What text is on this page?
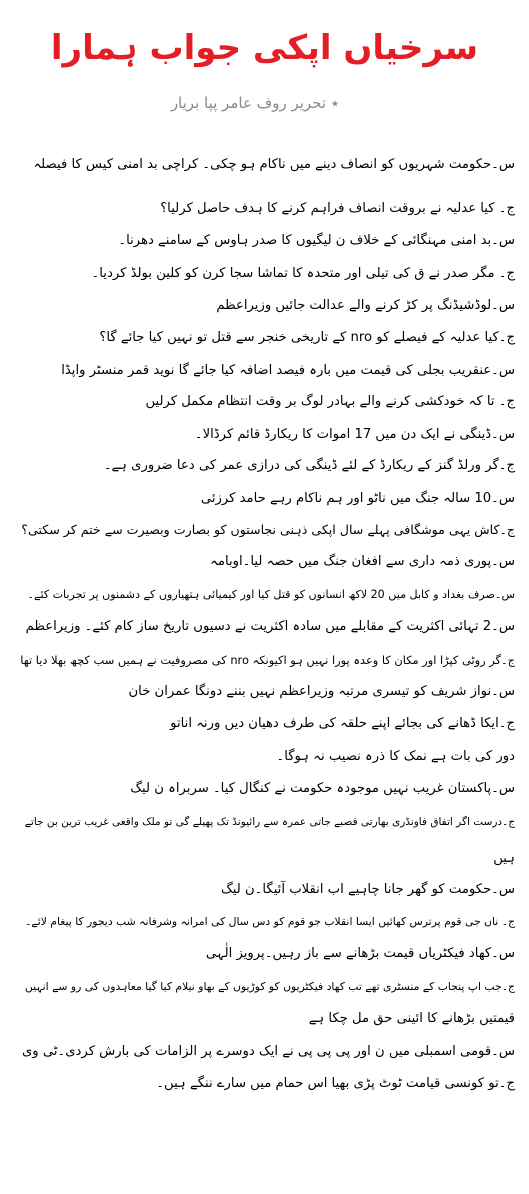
سرخیاں اپکی جواب ہمارا
٭ تحریر روف عامر پپا بریار
س۔حکومت شہریوں کو انصاف دینے میں ناکام ہو چکی۔ کراچی بد امنی کیس کا فیصلہ
ج۔ کیا عدلیہ نے بروقت انصاف فراہم کرنے کا ہدف حاصل کرلیا؟
س۔بد امنی مہنگائی کے خلاف ن لیگیوں کا صدر ہاوس کے سامنے دھرنا۔
ج۔ مگر صدر نے ق کی تیلی اور متحدہ کا تماشا سجا کرن کو کلین بولڈ کردیا۔
س۔لوڈشیڈنگ پر کڑ کرنے والے عدالت جائیں وزیراعظم
ج۔کیا عدلیہ کے فیصلے کو nro کے تاریخی خنجر سے قتل تو نہیں کیا جائے گا؟
س۔عنقریب بجلی کی قیمت میں بارہ فیصد اضافہ کیا جائے گا نوید قمر منسٹر واپڈا
ج۔ تا کہ خودکشی کرنے والے بہادر لوگ بر وقت انتظام مکمل کرلیں
س۔ڈینگی نے ایک دن میں 17 اموات کا ریکارڈ قائم کرڈالا۔
ج۔گر ورلڈ گنز کے ریکارڈ کے لئے ڈینگی کی درازی عمر کی دعا ضروری ہے۔
س۔10 سالہ جنگ میں ناٹو اور ہم ناکام رہے حامد کرزئی
ج۔کاش یہی موشگافی پہلے سال اپکی ذہنی نجاستوں کو بصارت وبصیرت سے ختم کر سکتی؟
س۔پوری ذمہ داری سے افغان جنگ میں حصہ لیا۔اوبامہ
س۔صرف بغداد و کابل میں 20 لاکھ انسانوں کو قتل کیا اور کیمیائی ہتھیاروں کے دشمنوں پر تجربات کئے۔
س۔2 تہائی اکثریت کے مقابلے میں سادہ اکثریت نے دسیوں تاریخ ساز کام کئے۔ وزیراعظم
ج۔گر روٹی کپڑا اور مکان کا وعدہ پورا نہیں ہو اکیونکہ nro کی مصروفیت نے ہمیں سب کچھ بھلا دیا تھا
س۔نواز شریف کو تیسری مرتبہ وزیراعظم نہیں بننے دونگا عمران خان
ج۔ایکا ڈھانے کی بجائے اپنے حلقہ کی طرف دھیان دیں ورنہ اناتو
دور کی بات ہے نمک کا ذرہ نصیب نہ ہوگا۔
س۔پاکستان غریب نہیں موجودہ حکومت نے کنگال کیا۔ سربراہ ن لیگ
ج۔درست اگر اتفاق فاونڈری بھارتی قصبے جاتی عمرہ سے رائیونڈ تک پھیلے گی تو ملک واقعی غریب ترین بن جاتے
ہیں
س۔حکومت کو گھر جانا چاہیے اب انقلاب آئیگا۔ن لیگ
ج۔ ناں جی قوم پرترس کھائیں ایسا انقلاب جو قوم کو دس سال کی امرانہ وشرفانہ شب دیجور کا پیغام لائے۔
س۔کھاد فیکٹریاں قیمت بڑھانے سے باز رہیں۔پرویز الٰہی
ج۔جب اپ پنجاب کے منسٹری تھے تب کھاد فیکٹریوں کو کوڑیوں کے بھاو نیلام کیا گیا معاہدوں کی رو سے انہیں
قیمتیں بڑھانے کا ائینی حق مل چکا ہے
س۔قومی اسمبلی میں ن اور پی پی پی نے ایک دوسرے پر الزامات کی بارش کردی۔ٹی وی
ج۔تو کونسی قیامت ٹوٹ پڑی بھیا اس حمام میں سارے ننگے ہیں۔
